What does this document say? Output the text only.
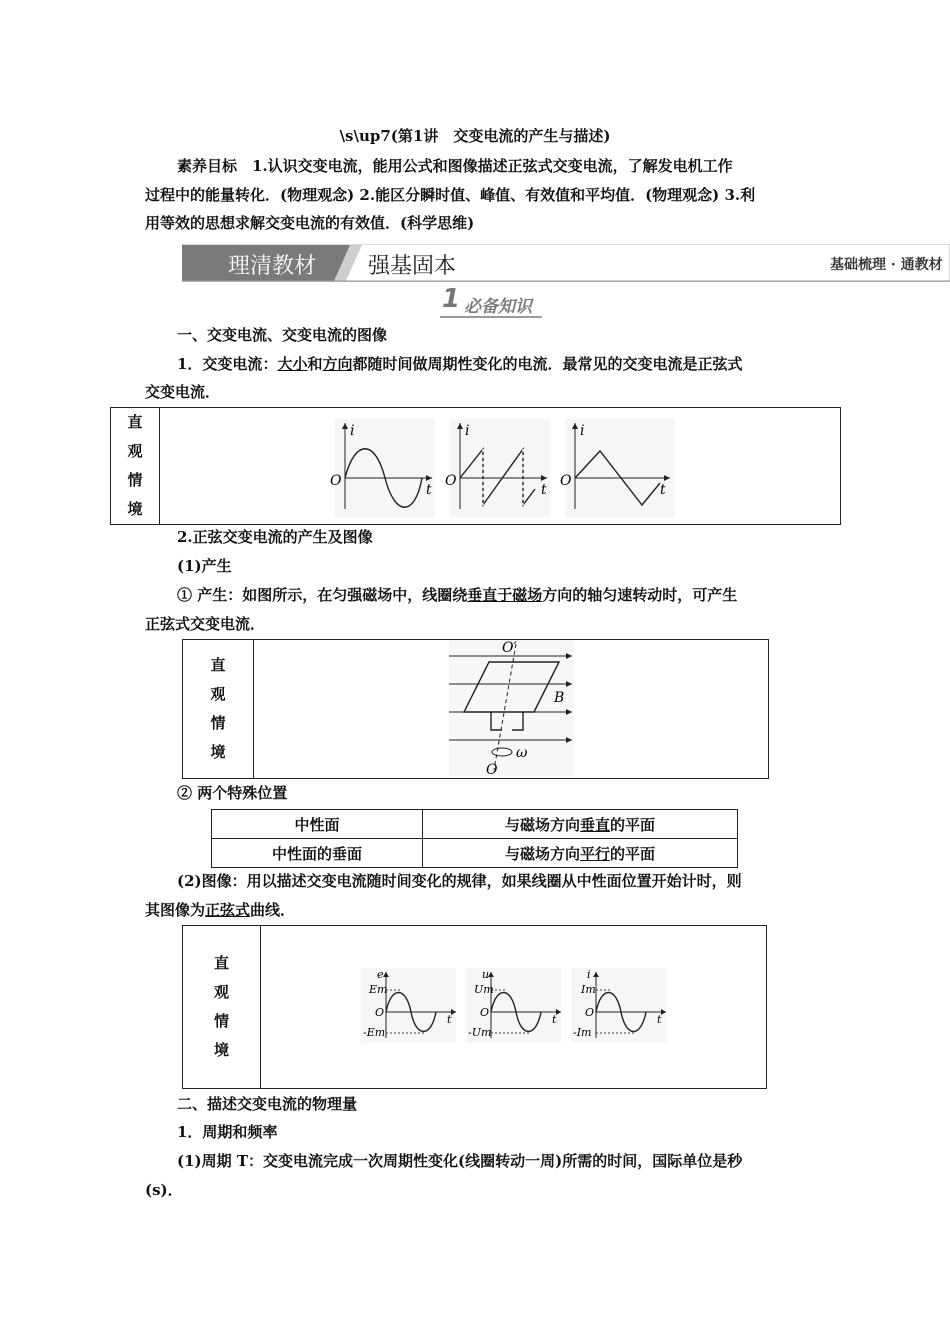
\s\up7(第1讲　交变电流的产生与描述)
素养目标　1.认识交变电流，能用公式和图像描述正弦式交变电流，了解发电机工作
过程中的能量转化．(物理观念) 2.能区分瞬时值、峰值、有效值和平均值．(物理观念) 3.利
用等效的思想求解交变电流的有效值．(科学思维)
理清教材 强基固本	基础梳理 · 通教材
1 必备知识
一、交变电流、交变电流的图像
1．交变电流：大小和方向都随时间做周期性变化的电流．最常见的交变电流是正弦式
交变电流．
直
观
情
境

i
t
O
i
t
O
i
t
O
2.正弦交变电流的产生及图像
(1)产生
① 产生：如图所示，在匀强磁场中，线圈绕垂直于磁场方向的轴匀速转动时，可产生
正弦式交变电流．
直
观
情
境

O′
O
B
ω
② 两个特殊位置
中性面	与磁场方向垂直的平面
中性面的垂面	与磁场方向平行的平面
(2)图像：用以描述交变电流随时间变化的规律，如果线圈从中性面位置开始计时，则
其图像为正弦式曲线．
直
观
情
境

e
Em
-Em
O
t
u
Um
-Um
O
t
i
Im
-Im
O
t
二、描述交变电流的物理量
1．周期和频率
(1)周期 T：交变电流完成一次周期性变化(线圈转动一周)所需的时间，国际单位是秒
(s)．
